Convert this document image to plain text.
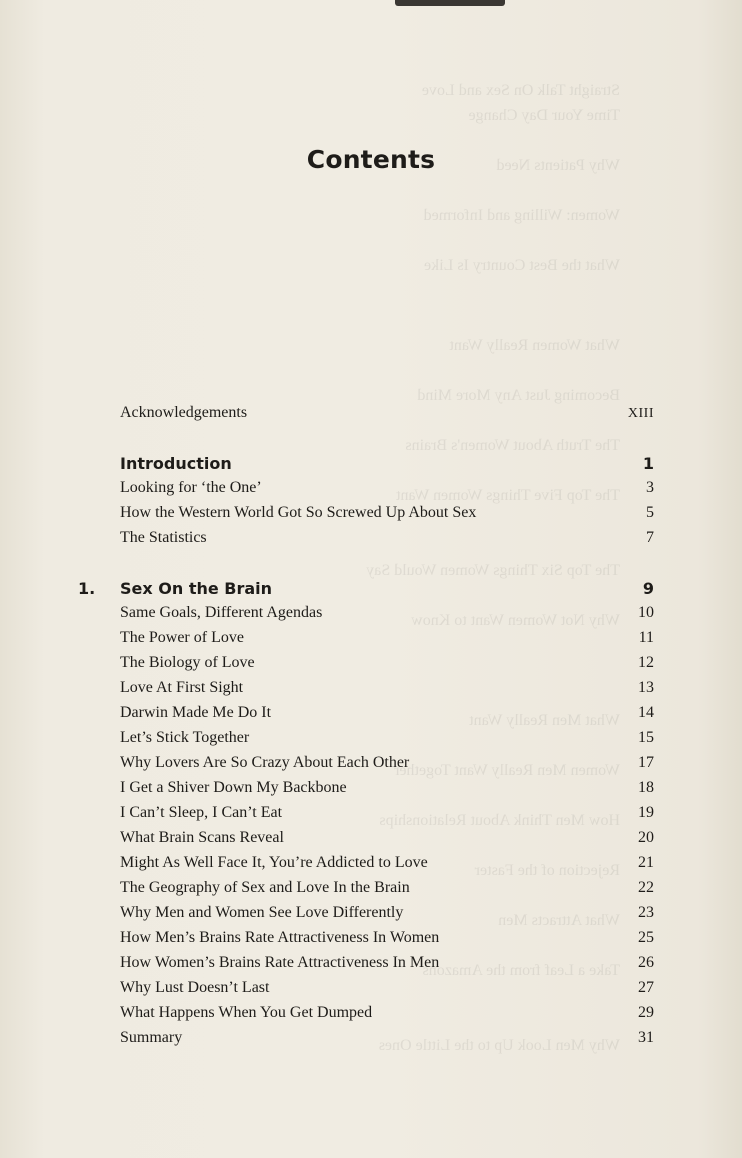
Straight Talk On Sex and Love
Time Your Day Change
Why Patients Need
Women: Willing and Informed
What the Best Country Is Like
What Women Really Want
Becoming Just Any More Mind
The Truth About Women's Brains
The Top Five Things Women Want
The Top Six Things Women Would Say
Why Not Women Want to Know
What Men Really Want
Women Men Really Want Together
How Men Think About Relationships
Rejection of the Faster
What Attracts Men
Take a Leaf from the Amazons
Why Men Look Up to the Little Ones
Contents
Acknowledgements	XIII
Introduction	1
Looking for ‘the One’	3
How the Western World Got So Screwed Up About Sex	5
The Statistics	7
1.	Sex On the Brain	9
Same Goals, Different Agendas	10
The Power of Love	11
The Biology of Love	12
Love At First Sight	13
Darwin Made Me Do It	14
Let’s Stick Together	15
Why Lovers Are So Crazy About Each Other	17
I Get a Shiver Down My Backbone	18
I Can’t Sleep, I Can’t Eat	19
What Brain Scans Reveal	20
Might As Well Face It, You’re Addicted to Love	21
The Geography of Sex and Love In the Brain	22
Why Men and Women See Love Differently	23
How Men’s Brains Rate Attractiveness In Women	25
How Women’s Brains Rate Attractiveness In Men	26
Why Lust Doesn’t Last	27
What Happens When You Get Dumped	29
Summary	31
